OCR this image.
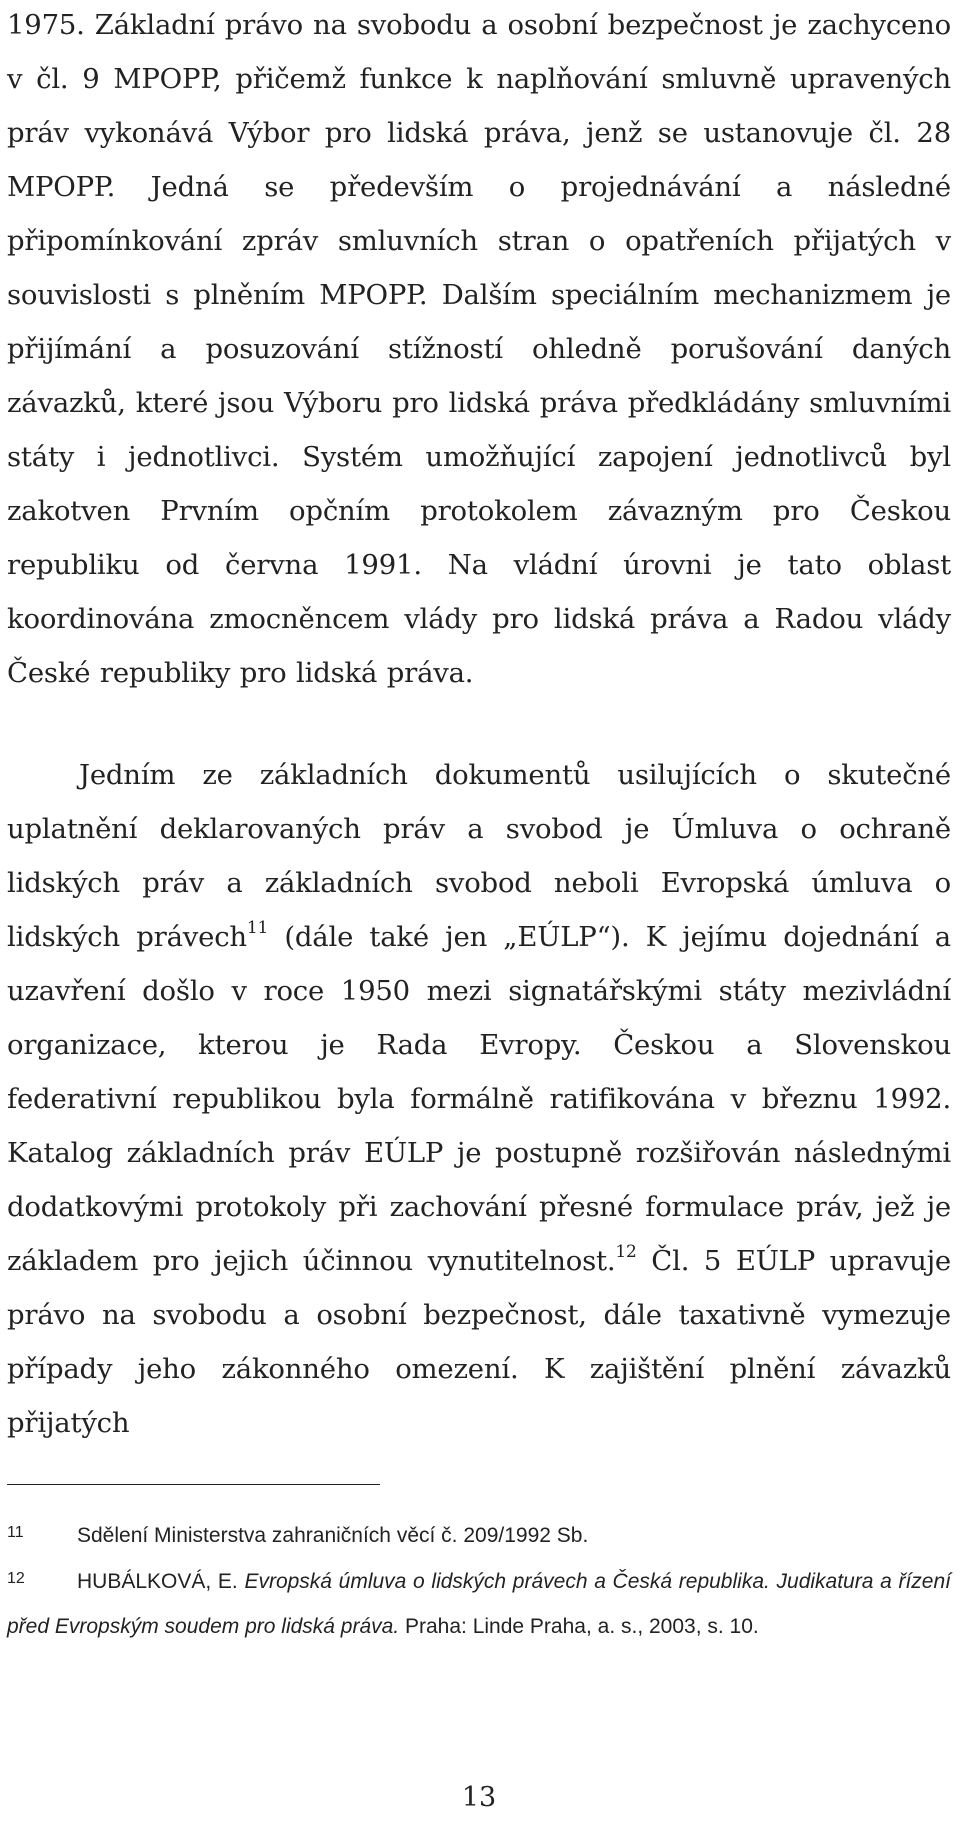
1975. Základní právo na svobodu a osobní bezpečnost je zachyceno v čl. 9 MPOPP, přičemž funkce k naplňování smluvně upravených práv vykonává Výbor pro lidská práva, jenž se ustanovuje čl. 28 MPOPP. Jedná se především o projednávání a následné připomínkování zpráv smluvních stran o opatřeních přijatých v souvislosti s plněním MPOPP. Dalším speciálním mechanizmem je přijímání a posuzování stížností ohledně porušování daných závazků, které jsou Výboru pro lidská práva předkládány smluvními státy i jednotlivci. Systém umožňující zapojení jednotlivců byl zakotven Prvním opčním protokolem závazným pro Českou republiku od června 1991. Na vládní úrovni je tato oblast koordinována zmocněncem vlády pro lidská práva a Radou vlády České republiky pro lidská práva.

Jedním ze základních dokumentů usilujících o skutečné uplatnění deklarovaných práv a svobod je Úmluva o ochraně lidských práv a základních svobod neboli Evropská úmluva o lidských právech$^{11}$ (dále také jen „EÚLP“). K jejímu dojednání a uzavření došlo v roce 1950 mezi signatářskými státy mezivládní organizace, kterou je Rada Evropy. Českou a Slovenskou federativní republikou byla formálně ratifikována v březnu 1992. Katalog základních práv EÚLP je postupně rozšiřován následnými dodatkovými protokoly při zachování přesné formulace práv, jež je základem pro jejich účinnou vynutitelnost.$^{12}$ Čl. 5 EÚLP upravuje právo na svobodu a osobní bezpečnost, dále taxativně vymezuje případy jeho zákonného omezení. K zajištění plnění závazků přijatých

11	Sdělení Ministerstva zahraničních věcí č. 209/1992 Sb.
12 HUBÁLKOVÁ, E. Evropská úmluva o lidských právech a Česká republika. Judikatura a řízení před Evropským soudem pro lidská práva. Praha: Linde Praha, a. s., 2003, s. 10.
13
